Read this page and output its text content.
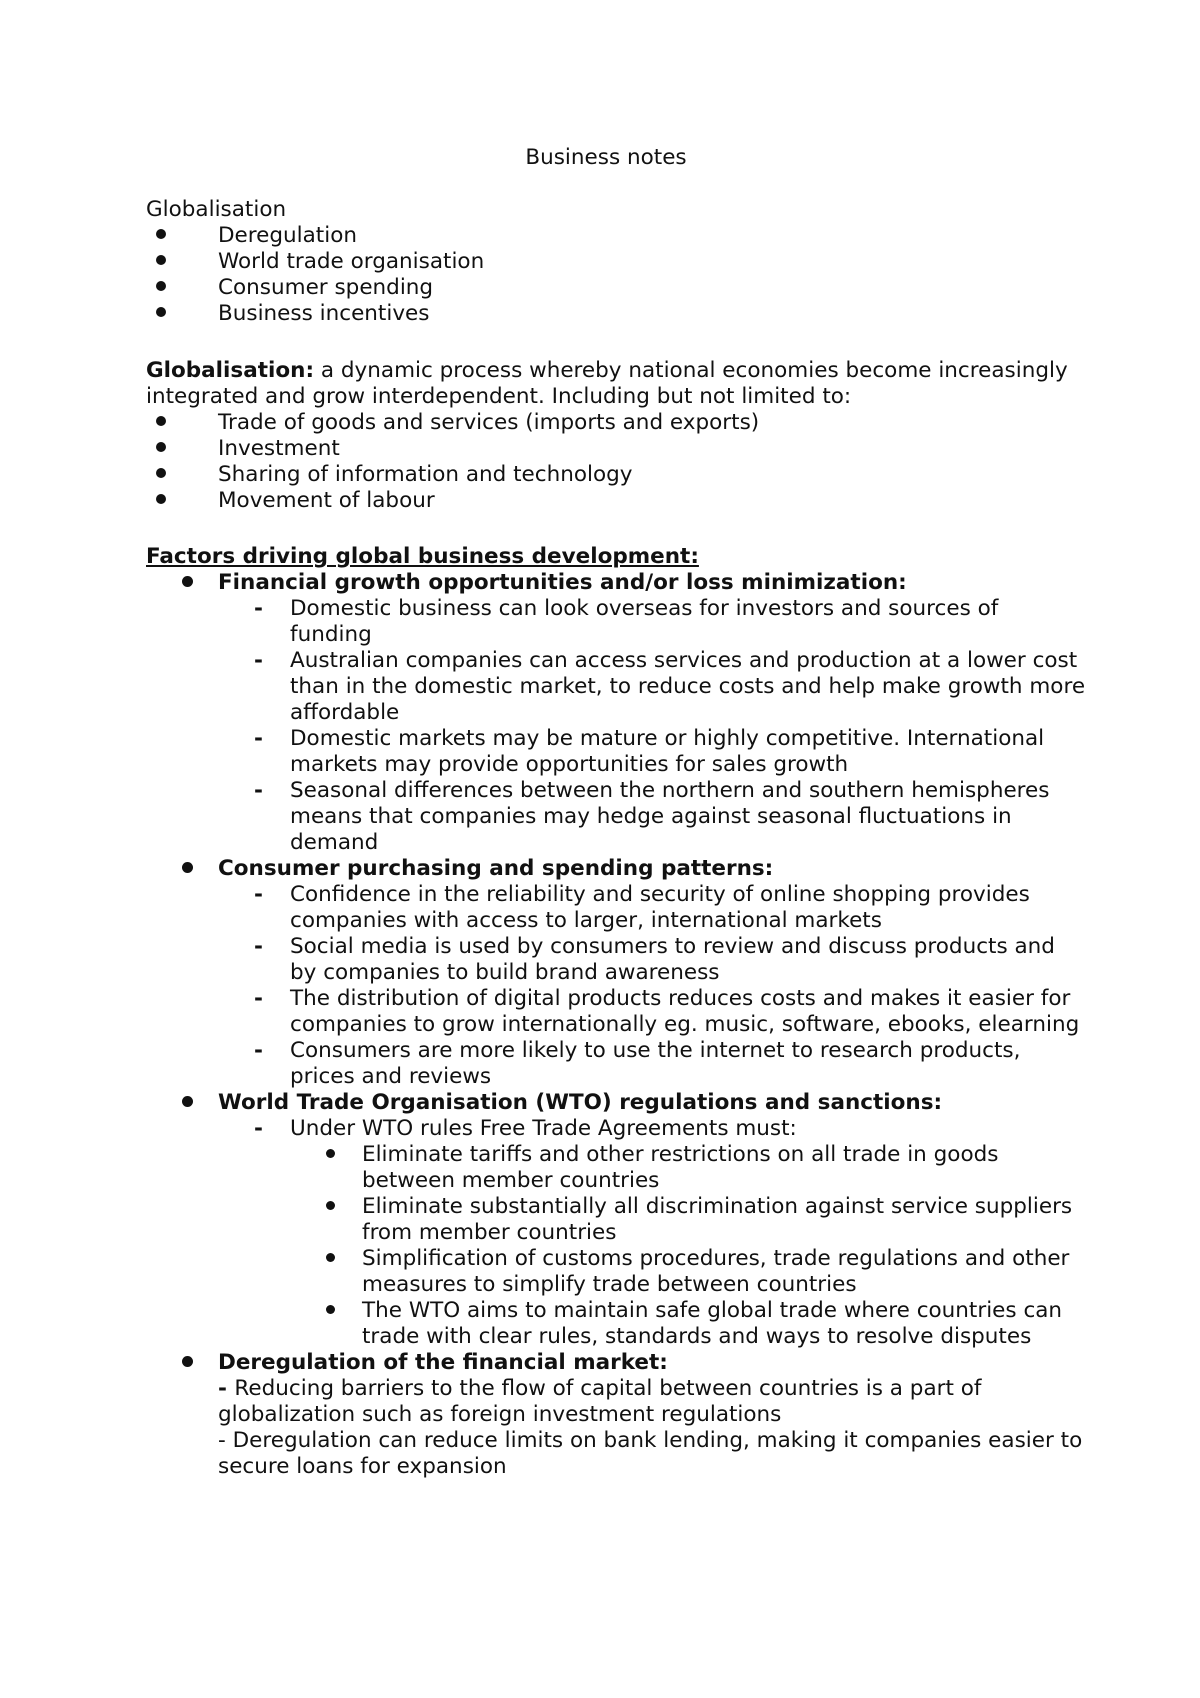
Business notes
Globalisation
Deregulation
World trade organisation
Consumer spending
Business incentives
Globalisation: a dynamic process whereby national economies become increasingly integrated and grow interdependent. Including but not limited to:
Trade of goods and services (imports and exports)
Investment
Sharing of information and technology
Movement of labour
Factors driving global business development:
Financial growth opportunities and/or loss minimization:
-	Domestic business can look overseas for investors and sources of funding
-	Australian companies can access services and production at a lower cost than in the domestic market, to reduce costs and help make growth more affordable
-	Domestic markets may be mature or highly competitive. International markets may provide opportunities for sales growth
-	Seasonal differences between the northern and southern hemispheres means that companies may hedge against seasonal fluctuations in demand
Consumer purchasing and spending patterns:
-	Confidence in the reliability and security of online shopping provides companies with access to larger, international markets
-	Social media is used by consumers to review and discuss products and by companies to build brand awareness
-	The distribution of digital products reduces costs and makes it easier for companies to grow internationally eg. music, software, ebooks, elearning
-	Consumers are more likely to use the internet to research products, prices and reviews
World Trade Organisation (WTO) regulations and sanctions:
-	Under WTO rules Free Trade Agreements must:
Eliminate tariffs and other restrictions on all trade in goods between member countries
Eliminate substantially all discrimination against service suppliers from member countries
Simplification of customs procedures, trade regulations and other measures to simplify trade between countries
The WTO aims to maintain safe global trade where countries can trade with clear rules, standards and ways to resolve disputes
Deregulation of the financial market:
- Reducing barriers to the flow of capital between countries is a part of globalization such as foreign investment regulations
- Deregulation can reduce limits on bank lending, making it companies easier to secure loans for expansion
